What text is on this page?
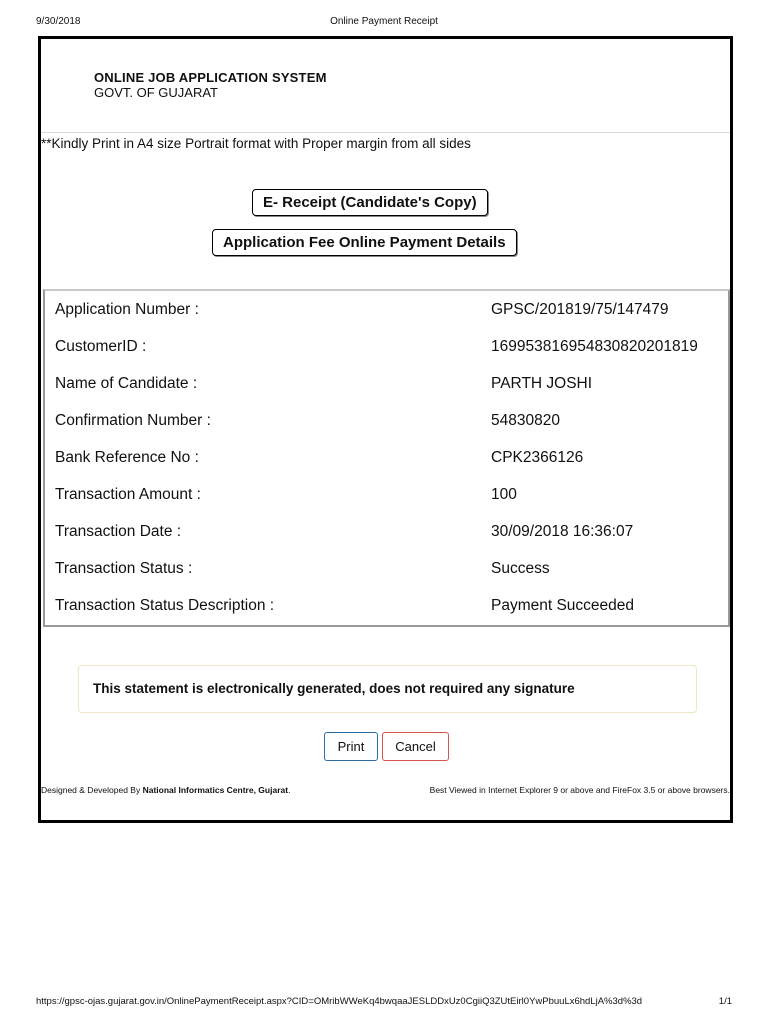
9/30/2018	Online Payment Receipt
ONLINE JOB APPLICATION SYSTEM
GOVT. OF GUJARAT
**Kindly Print in A4 size Portrait format with Proper margin from all sides
E- Receipt (Candidate's Copy)
Application Fee Online Payment Details
Application Number :	GPSC/201819/75/147479
CustomerID :	16995381695483082020181​9
Name of Candidate :	PARTH JOSHI
Confirmation Number :	54830820
Bank Reference No :	CPK2366126
Transaction Amount :	100
Transaction Date :	30/09/2018 16:36:07
Transaction Status :	Success
Transaction Status Description :	Payment Succeeded
This statement is electronically generated, does not required any signature
Print	Cancel
Designed & Developed By National Informatics Centre, Gujarat.	Best Viewed in Internet Explorer 9 or above and FireFox 3.5 or above browsers.
https://gpsc-ojas.gujarat.gov.in/OnlinePaymentReceipt.aspx?CID=OMribWWeKq4bwqaaJESLDDxUz0CgiiQ3ZUtEirl0YwPbuuLx6hdLjA%3d%3d	1/1
